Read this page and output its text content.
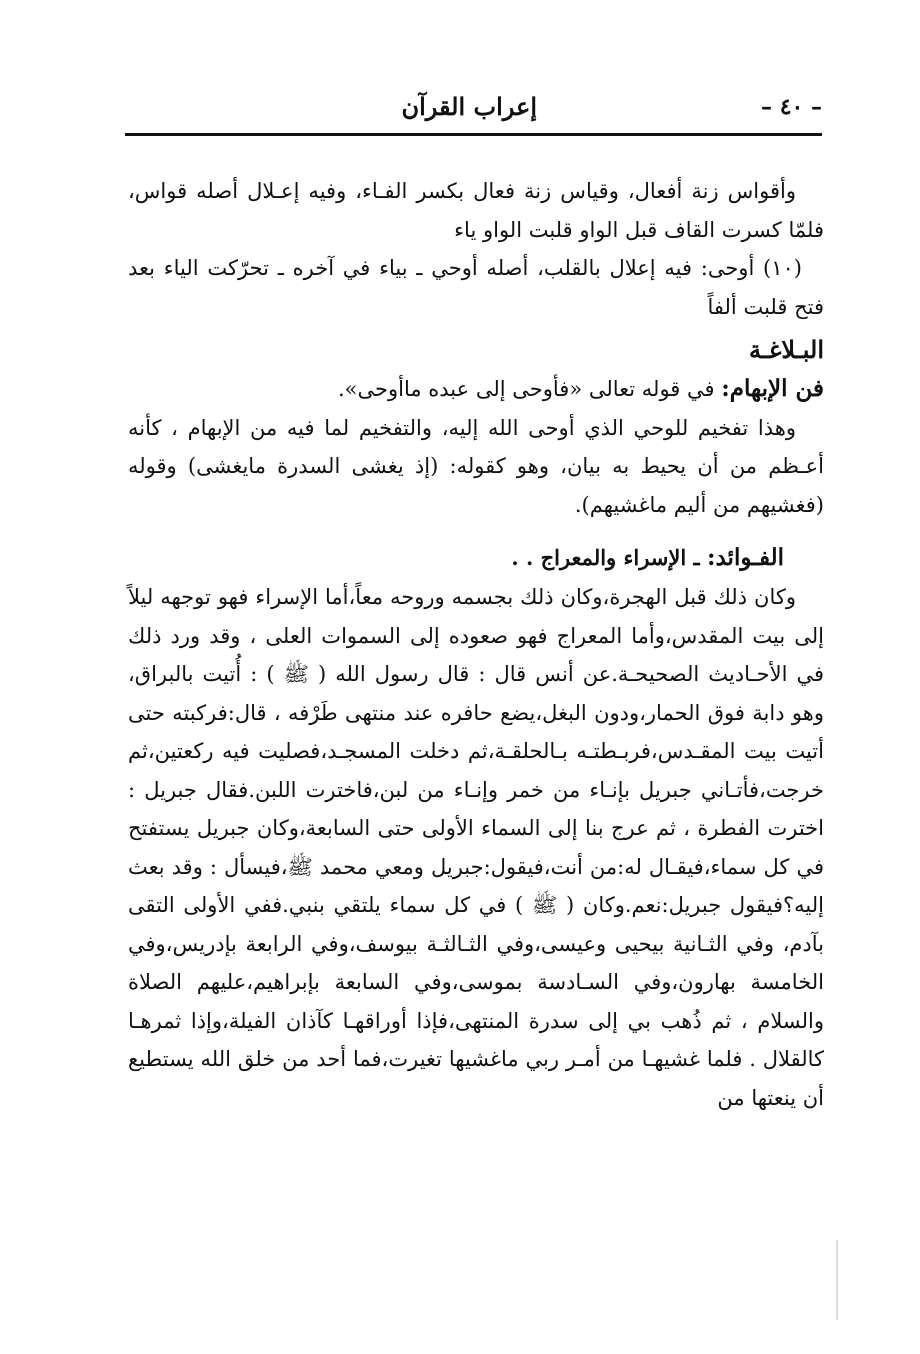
– ٤٠ –
إعراب القرآن

وأقواس زنة أفعال، وقياس زنة فعال بكسر الفـاء، وفيه إعـلال أصله قواس، فلمّا كسرت القاف قبل الواو قلبت الواو ياء

(١٠) أوحى: فيه إعلال بالقلب، أصله أوحي ـ بياء في آخره ـ تحرّكت الياء بعد فتح قلبت ألفاً

البـلاغـة

فن الإبهام: في قوله تعالى «فأوحى إلى عبده ماأوحى».

وهذا تفخيم للوحي الذي أوحى الله إليه، والتفخيم لما فيه من الإبهام ، كأنه أعـظم من أن يحيط به بيان، وهو كقوله: (إذ يغشى السدرة مايغشى) وقوله (فغشيهم من أليم ماغشيهم).

الفـوائد: ـ الإسراء والمعراج . .

وكان ذلك قبل الهجرة،وكان ذلك بجسمه وروحه معاً،أما الإسراء فهو توجهه ليلاً إلى بيت المقدس،وأما المعراج فهو صعوده إلى السموات العلى ، وقد ورد ذلك في الأحـاديث الصحيحـة.عن أنس قال : قال رسول الله ( ﷺ ) : أُتيت بالبراق، وهو دابة فوق الحمار،ودون البغل،يضع حافره عند منتهى طَرْفه ، قال:فركبته حتى أتيت بيت المقـدس،فربـطتـه بـالحلقـة،ثم دخلت المسجـد،فصليت فيه ركعتين،ثم خرجت،فأتـاني جبريل بإنـاء من خمر وإنـاء من لبن،فاخترت اللبن.فقال جبريل : اخترت الفطرة ، ثم عرج بنا إلى السماء الأولى حتى السابعة،وكان جبريل يستفتح في كل سماء،فيقـال له:من أنت،فيقول:جبريل ومعي محمد ﷺ،فيسأل : وقد بعث إليه؟فيقول جبريل:نعم.وكان ( ﷺ ) في كل سماء يلتقي بنبي.ففي الأولى التقى بآدم، وفي الثـانية بيحيى وعيسى،وفي الثـالثـة بيوسف،وفي الرابعة بإدريس،وفي الخامسة بهارون،وفي السـادسة بموسى،وفي السابعة بإبراهيم،عليهم الصلاة والسلام ، ثم ذُهب بي إلى سدرة المنتهى،فإذا أوراقهـا كآذان الفيلة،وإذا ثمرهـا كالقلال . فلما غشيهـا من أمـر ربي ماغشيها تغيرت،فما أحد من خلق الله يستطيع أن ينعتها من
